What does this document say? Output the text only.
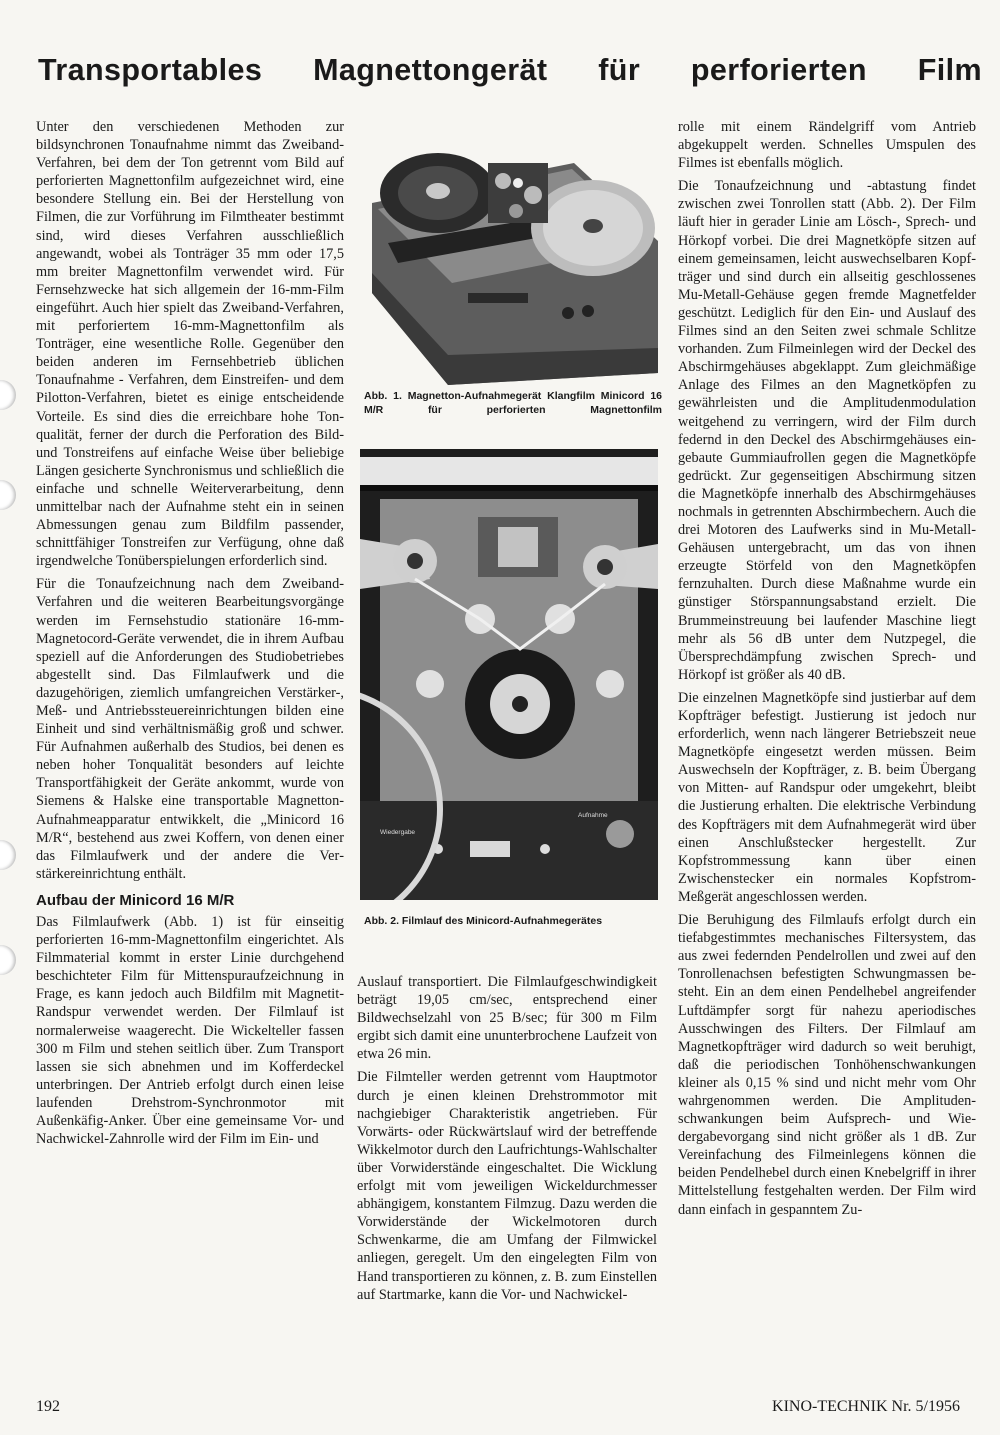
Transportables Magnettongerät für perforierten Film

Unter den verschiedenen Methoden zur bildsynchronen Tonaufnahme nimmt das Zweiband-Verfahren, bei dem der Ton getrennt vom Bild auf perforierten Magnettonfilm aufgezeichnet wird, eine besondere Stellung ein. Bei der Herstellung von Filmen, die zur Vorführung im Filmtheater bestimmt sind, wird dieses Verfahren ausschließlich angewandt, wobei als Tonträger 35 mm oder 17,5 mm breiter Magnettonfilm verwendet wird. Für Fernsehzwecke hat sich allgemein der 16-mm-Film eingeführt. Auch hier spielt das Zweiband-Verfahren, mit perforiertem 16-mm-Magnettonfilm als Tonträger, eine wesentliche Rolle. Gegenüber den beiden anderen im Fernsehbetrieb üblichen Tonaufnahme - Verfahren, dem Einstreifen- und dem Pilotton-Verfahren, bietet es einige entscheidende Vorteile. Es sind dies die erreichbare hohe Tonqualität, ferner der durch die Perforation des Bild- und Tonstreifens auf einfache Weise über beliebige Längen gesicherte Synchronismus und schließlich die einfache und schnelle Weiterverarbeitung, denn unmittelbar nach der Aufnahme steht ein in seinen Abmessungen genau zum Bildfilm passender, schnittfähiger Tonstreifen zur Verfügung, ohne daß irgendwelche Tonüberspielungen erforderlich sind.

Für die Tonaufzeichnung nach dem Zweiband-Verfahren und die weiteren Bearbeitungsvorgänge werden im Fernsehstudio stationäre 16-mm-Magnetocord-Geräte verwendet, die in ihrem Aufbau speziell auf die Anforderungen des Studiobetriebes abgestellt sind. Das Filmlaufwerk und die dazugehörigen, ziemlich umfangreichen Verstärker-, Meß- und Antriebssteuereinrichtungen bilden eine Einheit und sind verhältnismäßig groß und schwer. Für Aufnahmen außerhalb des Studios, bei denen es neben hoher Tonqualität besonders auf leichte Transportfähigkeit der Geräte ankommt, wurde von Siemens & Halske eine transportable Magnetton-Aufnahmeapparatur entwikkelt, die „Minicord 16 M/R“, bestehend aus zwei Koffern, von denen einer das Filmlaufwerk und der andere die Verstärkereinrichtung enthält.

Aufbau der Minicord 16 M/R

Das Filmlaufwerk (Abb. 1) ist für einseitig perforierten 16-mm-Magnettonfilm eingerichtet. Als Filmmaterial kommt in erster Linie durchgehend beschichteter Film für Mittenspuraufzeichnung in Frage, es kann jedoch auch Bildfilm mit Magnetit-Randspur verwendet werden. Der Filmlauf ist normalerweise waagerecht. Die Wickelteller fassen 300 m Film und stehen seitlich über. Zum Transport lassen sie sich abnehmen und im Kofferdeckel unterbringen. Der Antrieb erfolgt durch einen leise laufenden Drehstrom-Synchronmotor mit Außenkäfig-Anker. Über eine gemeinsame Vor- und Nachwickel-Zahnrolle wird der Film im Ein- und

Abb. 1. Magnetton-Aufnahmegerät Klangfilm Minicord 16 M/R für perforierten Magnettonfilm
Wiedergabe
Aufnahme
Abb. 2. Filmlauf des Minicord-Aufnahmegerätes

Auslauf transportiert. Die Filmlaufgeschwindigkeit beträgt 19,05 cm/sec, entsprechend einer Bildwechselzahl von 25 B/sec; für 300 m Film ergibt sich damit eine ununterbrochene Laufzeit von etwa 26 min.

Die Filmteller werden getrennt vom Hauptmotor durch je einen kleinen Drehstrommotor mit nachgiebiger Charakteristik angetrieben. Für Vorwärts- oder Rückwärtslauf wird der betreffende Wikkelmotor durch den Laufrichtungs-Wahlschalter über Vorwiderstände eingeschaltet. Die Wicklung erfolgt mit vom jeweiligen Wickeldurchmesser abhängigem, konstantem Filmzug. Dazu werden die Vorwiderstände der Wickelmotoren durch Schwenkarme, die am Umfang der Filmwickel anliegen, geregelt. Um den eingelegten Film von Hand transportieren zu können, z. B. zum Einstellen auf Startmarke, kann die Vor- und Nachwickel-

rolle mit einem Rändelgriff vom Antrieb abgekuppelt werden. Schnelles Umspulen des Filmes ist ebenfalls möglich.

Die Tonaufzeichnung und -abtastung findet zwischen zwei Tonrollen statt (Abb. 2). Der Film läuft hier in gerader Linie am Lösch-, Sprech- und Hörkopf vorbei. Die drei Magnetköpfe sitzen auf einem gemeinsamen, leicht auswechselbaren Kopfträger und sind durch ein allseitig geschlossenes Mu-Metall-Gehäuse gegen fremde Magnetfelder geschützt. Lediglich für den Ein- und Auslauf des Filmes sind an den Seiten zwei schmale Schlitze vorhanden. Zum Filmeinlegen wird der Deckel des Abschirmgehäuses abgeklappt. Zum gleichmäßige Anlage des Filmes an den Magnetköpfen zu gewährleisten und die Amplitudenmodulation weitgehend zu verringern, wird der Film durch federnd in den Deckel des Abschirmgehäuses eingebaute Gummiaufrollen gegen die Magnetköpfe gedrückt. Zur gegenseitigen Abschirmung sitzen die Magnetköpfe innerhalb des Abschirmgehäuses nochmals in getrennten Abschirmbechern. Auch die drei Motoren des Laufwerks sind in Mu-Metall-Gehäusen untergebracht, um das von ihnen erzeugte Störfeld von den Magnetköpfen fernzuhalten. Durch diese Maßnahme wurde ein günstiger Störspannungsabstand erzielt. Die Brummeinstreuung bei laufender Maschine liegt mehr als 56 dB unter dem Nutzpegel, die Übersprechdämpfung zwischen Sprech- und Hörkopf ist größer als 40 dB.

Die einzelnen Magnetköpfe sind justierbar auf dem Kopfträger befestigt. Justierung ist jedoch nur erforderlich, wenn nach längerer Betriebszeit neue Magnetköpfe eingesetzt werden müssen. Beim Auswechseln der Kopfträger, z. B. beim Übergang von Mitten- auf Randspur oder umgekehrt, bleibt die Justierung erhalten. Die elektrische Verbindung des Kopfträgers mit dem Aufnahmegerät wird über einen Anschlußstecker hergestellt. Zur Kopfstrommessung kann über einen Zwischenstecker ein normales Kopfstrom-Meßgerät angeschlossen werden.

Die Beruhigung des Filmlaufs erfolgt durch ein tiefabgestimmtes mechanisches Filtersystem, das aus zwei federnden Pendelrollen und zwei auf den Tonrollenachsen befestigten Schwungmassen besteht. Ein an dem einen Pendelhebel angreifender Luftdämpfer sorgt für nahezu aperiodisches Ausschwingen des Filters. Der Filmlauf am Magnetkopfträger wird dadurch so weit beruhigt, daß die periodischen Tonhöhenschwankungen kleiner als 0,15 % sind und nicht mehr vom Ohr wahrgenommen werden. Die Amplitudenschwankungen beim Aufsprech- und Wiedergabevorgang sind nicht größer als 1 dB. Zur Vereinfachung des Filmeinlegens können die beiden Pendelhebel durch einen Knebelgriff in ihrer Mittelstellung festgehalten werden. Der Film wird dann einfach in gespanntem Zu-

192	KINO-TECHNIK Nr. 5/1956
